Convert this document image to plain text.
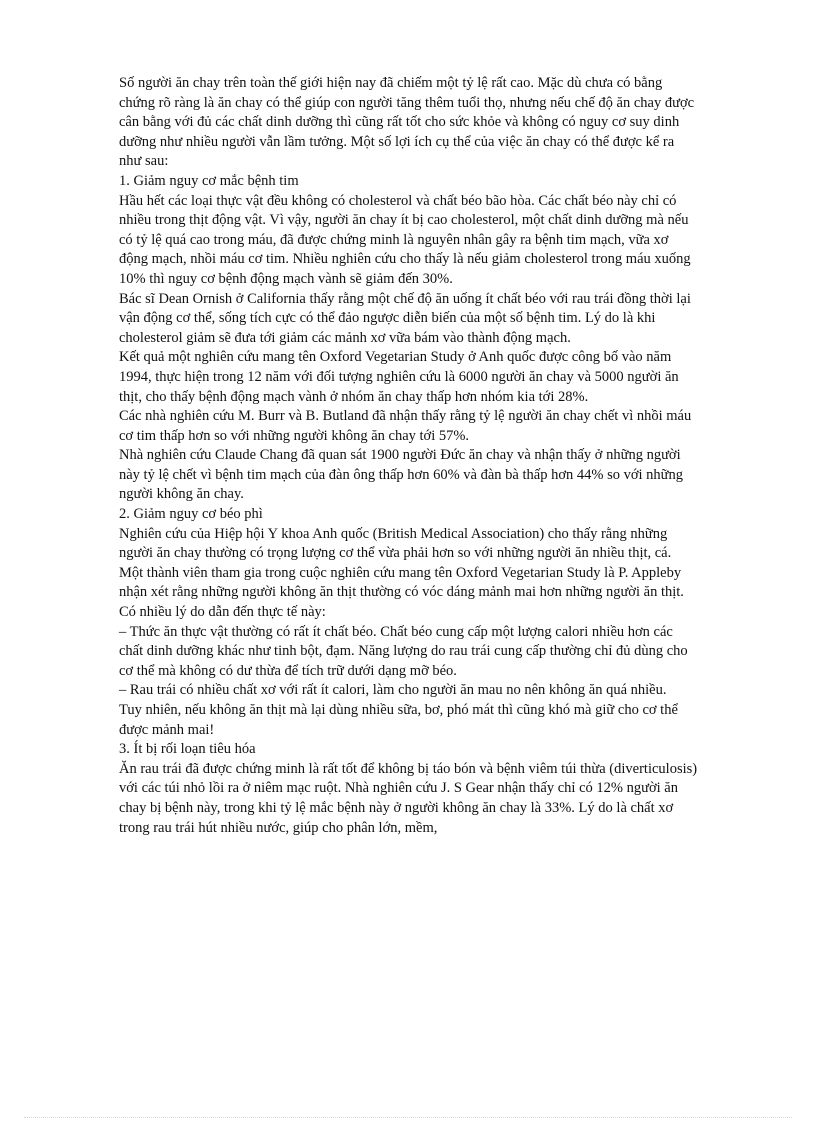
Số người ăn chay trên toàn thế giới hiện nay đã chiếm một tỷ lệ rất cao. Mặc dù chưa có bằng chứng rõ ràng là ăn chay có thể giúp con người tăng thêm tuổi thọ, nhưng nếu chế độ ăn chay được cân bằng với đủ các chất dinh dưỡng thì cũng rất tốt cho sức khỏe và không có nguy cơ suy dinh dưỡng như nhiều người vẫn lầm tưởng. Một số lợi ích cụ thể của việc ăn chay có thể được kể ra như sau:

1. Giảm nguy cơ mắc bệnh tim

Hầu hết các loại thực vật đều không có cholesterol và chất béo bão hòa. Các chất béo này chỉ có nhiều trong thịt động vật. Vì vậy, người ăn chay ít bị cao cholesterol, một chất dinh dưỡng mà nếu có tỷ lệ quá cao trong máu, đã được chứng minh là nguyên nhân gây ra bệnh tim mạch, vữa xơ động mạch, nhồi máu cơ tim. Nhiều nghiên cứu cho thấy là nếu giảm cholesterol trong máu xuống 10% thì nguy cơ bệnh động mạch vành sẽ giảm đến 30%.

Bác sĩ Dean Ornish ở California thấy rằng một chế độ ăn uống ít chất béo với rau trái đồng thời lại vận động cơ thể, sống tích cực có thể đảo ngược diễn biến của một số bệnh tim. Lý do là khi cholesterol giảm sẽ đưa tới giảm các mảnh xơ vữa bám vào thành động mạch.

Kết quả một nghiên cứu mang tên Oxford Vegetarian Study ở Anh quốc được công bố vào năm 1994, thực hiện trong 12 năm với đối tượng nghiên cứu là 6000 người ăn chay và 5000 người ăn thịt, cho thấy bệnh động mạch vành ở nhóm ăn chay thấp hơn nhóm kia tới 28%.

Các nhà nghiên cứu M. Burr và B. Butland đã nhận thấy rằng tỷ lệ người ăn chay chết vì nhồi máu cơ tim thấp hơn so với những người không ăn chay tới 57%.

Nhà nghiên cứu Claude Chang đã quan sát 1900 người Đức ăn chay và nhận thấy ở những người này tỷ lệ chết vì bệnh tim mạch của đàn ông thấp hơn 60% và đàn bà thấp hơn 44% so với những người không ăn chay.

2. Giảm nguy cơ béo phì

Nghiên cứu của Hiệp hội Y khoa Anh quốc (British Medical Association) cho thấy rằng những người ăn chay thường có trọng lượng cơ thể vừa phải hơn so với những người ăn nhiều thịt, cá.

Một thành viên tham gia trong cuộc nghiên cứu mang tên Oxford Vegetarian Study là P. Appleby nhận xét rằng những người không ăn thịt thường có vóc dáng mảnh mai hơn những người ăn thịt.

Có nhiều lý do dẫn đến thực tế này:

– Thức ăn thực vật thường có rất ít chất béo. Chất béo cung cấp một lượng calori nhiều hơn các chất dinh dưỡng khác như tinh bột, đạm. Năng lượng do rau trái cung cấp thường chỉ đủ dùng cho cơ thể mà không có dư thừa để tích trữ dưới dạng mỡ béo.

– Rau trái có nhiều chất xơ với rất ít calori, làm cho người ăn mau no nên không ăn quá nhiều.

Tuy nhiên, nếu không ăn thịt mà lại dùng nhiều sữa, bơ, phó mát thì cũng khó mà giữ cho cơ thể được mảnh mai!

3. Ít bị rối loạn tiêu hóa

Ăn rau trái đã được chứng minh là rất tốt để không bị táo bón và bệnh viêm túi thừa (diverticulosis) với các túi nhỏ lồi ra ở niêm mạc ruột. Nhà nghiên cứu J. S Gear nhận thấy chỉ có 12% người ăn chay bị bệnh này, trong khi tỷ lệ mắc bệnh này ở người không ăn chay là 33%. Lý do là chất xơ trong rau trái hút nhiều nước, giúp cho phân lớn, mềm,
